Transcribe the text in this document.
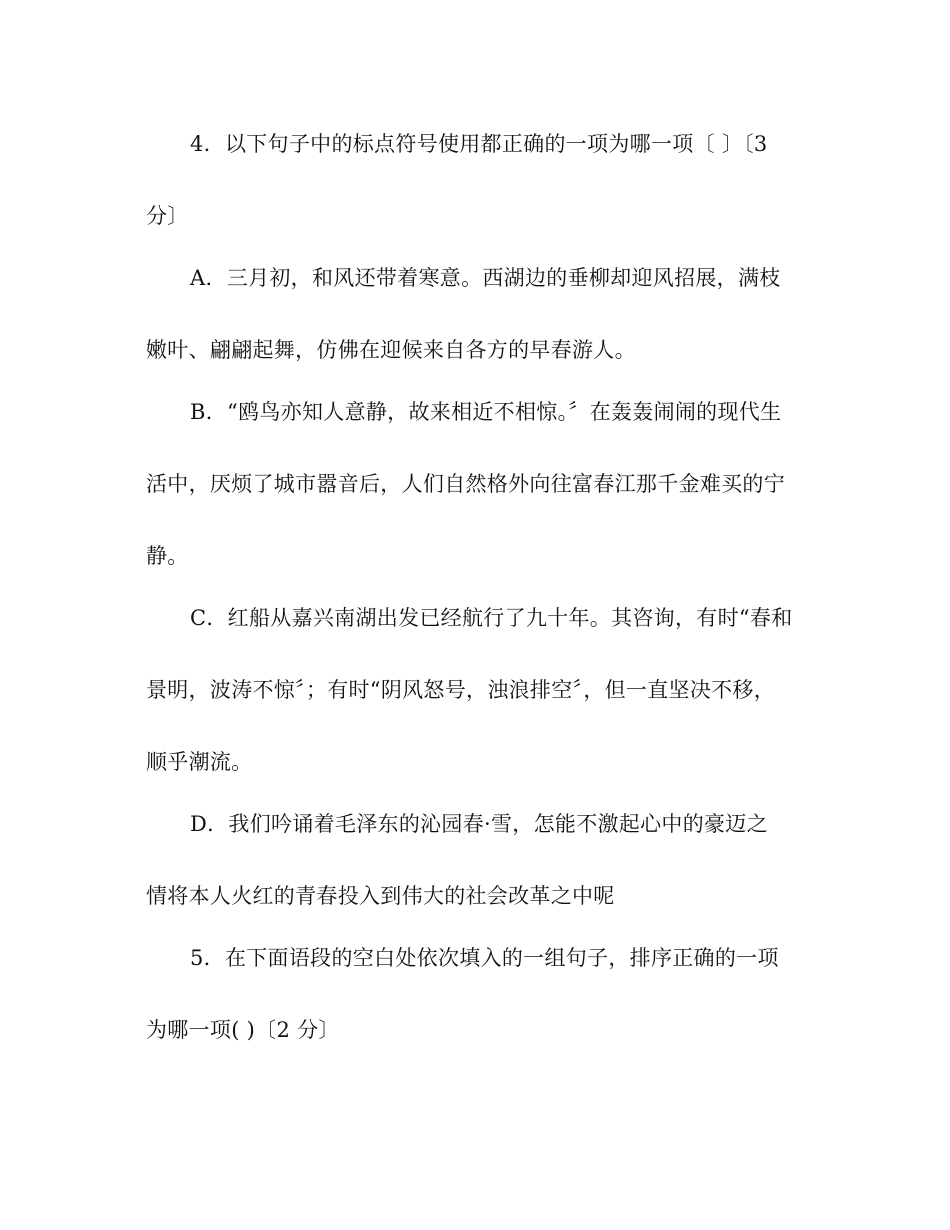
4．以下句子中的标点符号使用都正确的一项为哪一项〔 〕〔3
分〕
A．三月初，和风还带着寒意。西湖边的垂柳却迎风招展，满枝
嫩叶、翩翩起舞，仿佛在迎候来自各方的早春游人。
B．“鸥鸟亦知人意静，故来相近不相惊。〞在轰轰闹闹的现代生
活中，厌烦了城市嚣音后，人们自然格外向往富春江那千金难买的宁
静。
C．红船从嘉兴南湖出发已经航行了九十年。其咨询，有时“春和
景明，波涛不惊〞；有时“阴风怒号，浊浪排空〞，但一直坚决不移，
顺乎潮流。
D．我们吟诵着毛泽东的沁园春·雪，怎能不激起心中的豪迈之
情将本人火红的青春投入到伟大的社会改革之中呢
5．在下面语段的空白处依次填入的一组句子，排序正确的一项
为哪一项( )〔2 分〕
